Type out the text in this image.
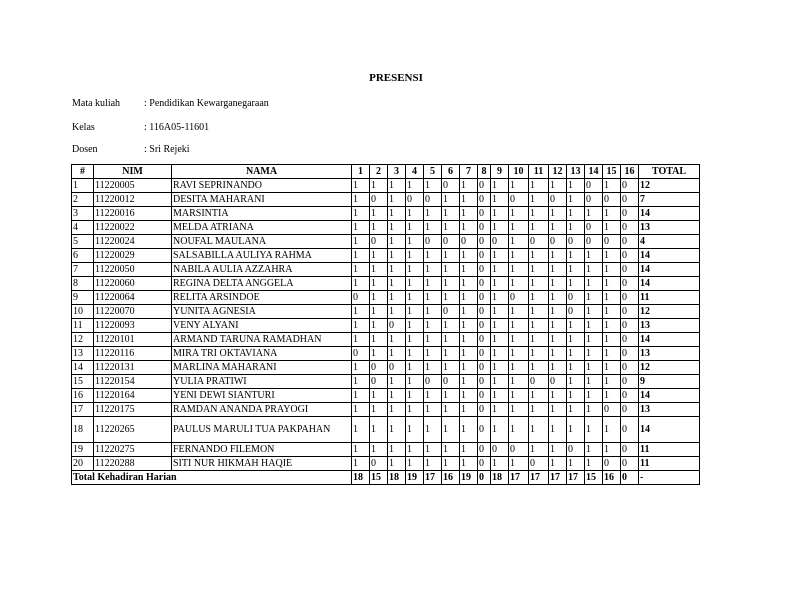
PRESENSI
Mata kuliah : Pendidikan Kewarganegaraan
Kelas	: 116A05-11601
Dosen	: Sri Rejeki
#	NIM	NAMA	1	2	3	4	5	6	7	8	9	10	11	12	13	14	15	16	TOTAL
1	11220005	RAVI SEPRINANDO	1	1	1	1	1	0	1	0	1	1	1	1	1	0	1	0	12
2	11220012	DESITA MAHARANI	1	0	1	0	0	1	1	0	1	0	1	0	1	0	0	0	7
3	11220016	MARSINTIA	1	1	1	1	1	1	1	0	1	1	1	1	1	1	1	0	14
4	11220022	MELDA ATRIANA	1	1	1	1	1	1	1	0	1	1	1	1	1	0	1	0	13
5	11220024	NOUFAL MAULANA	1	0	1	1	0	0	0	0	0	1	0	0	0	0	0	0	4
6	11220029	SALSABILLA AULIYA RAHMA	1	1	1	1	1	1	1	0	1	1	1	1	1	1	1	0	14
7	11220050	NABILA AULIA AZZAHRA	1	1	1	1	1	1	1	0	1	1	1	1	1	1	1	0	14
8	11220060	REGINA DELTA ANGGELA	1	1	1	1	1	1	1	0	1	1	1	1	1	1	1	0	14
9	11220064	RELITA ARSINDOE	0	1	1	1	1	1	1	0	1	0	1	1	0	1	1	0	11
10	11220070	YUNITA AGNESIA	1	1	1	1	1	0	1	0	1	1	1	1	0	1	1	0	12
11	11220093	VENY ALYANI	1	1	0	1	1	1	1	0	1	1	1	1	1	1	1	0	13
12	11220101	ARMAND TARUNA RAMADHAN	1	1	1	1	1	1	1	0	1	1	1	1	1	1	1	0	14
13	11220116	MIRA TRI OKTAVIANA	0	1	1	1	1	1	1	0	1	1	1	1	1	1	1	0	13
14	11220131	MARLINA MAHARANI	1	0	0	1	1	1	1	0	1	1	1	1	1	1	1	0	12
15	11220154	YULIA PRATIWI	1	0	1	1	0	0	1	0	1	1	0	0	1	1	1	0	9
16	11220164	YENI DEWI SIANTURI	1	1	1	1	1	1	1	0	1	1	1	1	1	1	1	0	14
17	11220175	RAMDAN ANANDA PRAYOGI	1	1	1	1	1	1	1	0	1	1	1	1	1	1	0	0	13
18	11220265	PAULUS MARULI TUA PAKPAHAN	1	1	1	1	1	1	1	0	1	1	1	1	1	1	1	0	14
19	11220275	FERNANDO FILEMON	1	1	1	1	1	1	1	0	0	0	1	1	0	1	1	0	11
20	11220288	SITI NUR HIKMAH HAQIE	1	0	1	1	1	1	1	0	1	1	0	1	1	1	0	0	11
Total Kehadiran Harian			18	15	18	19	17	16	19	0	18	17	17	17	17	15	16	0	-
